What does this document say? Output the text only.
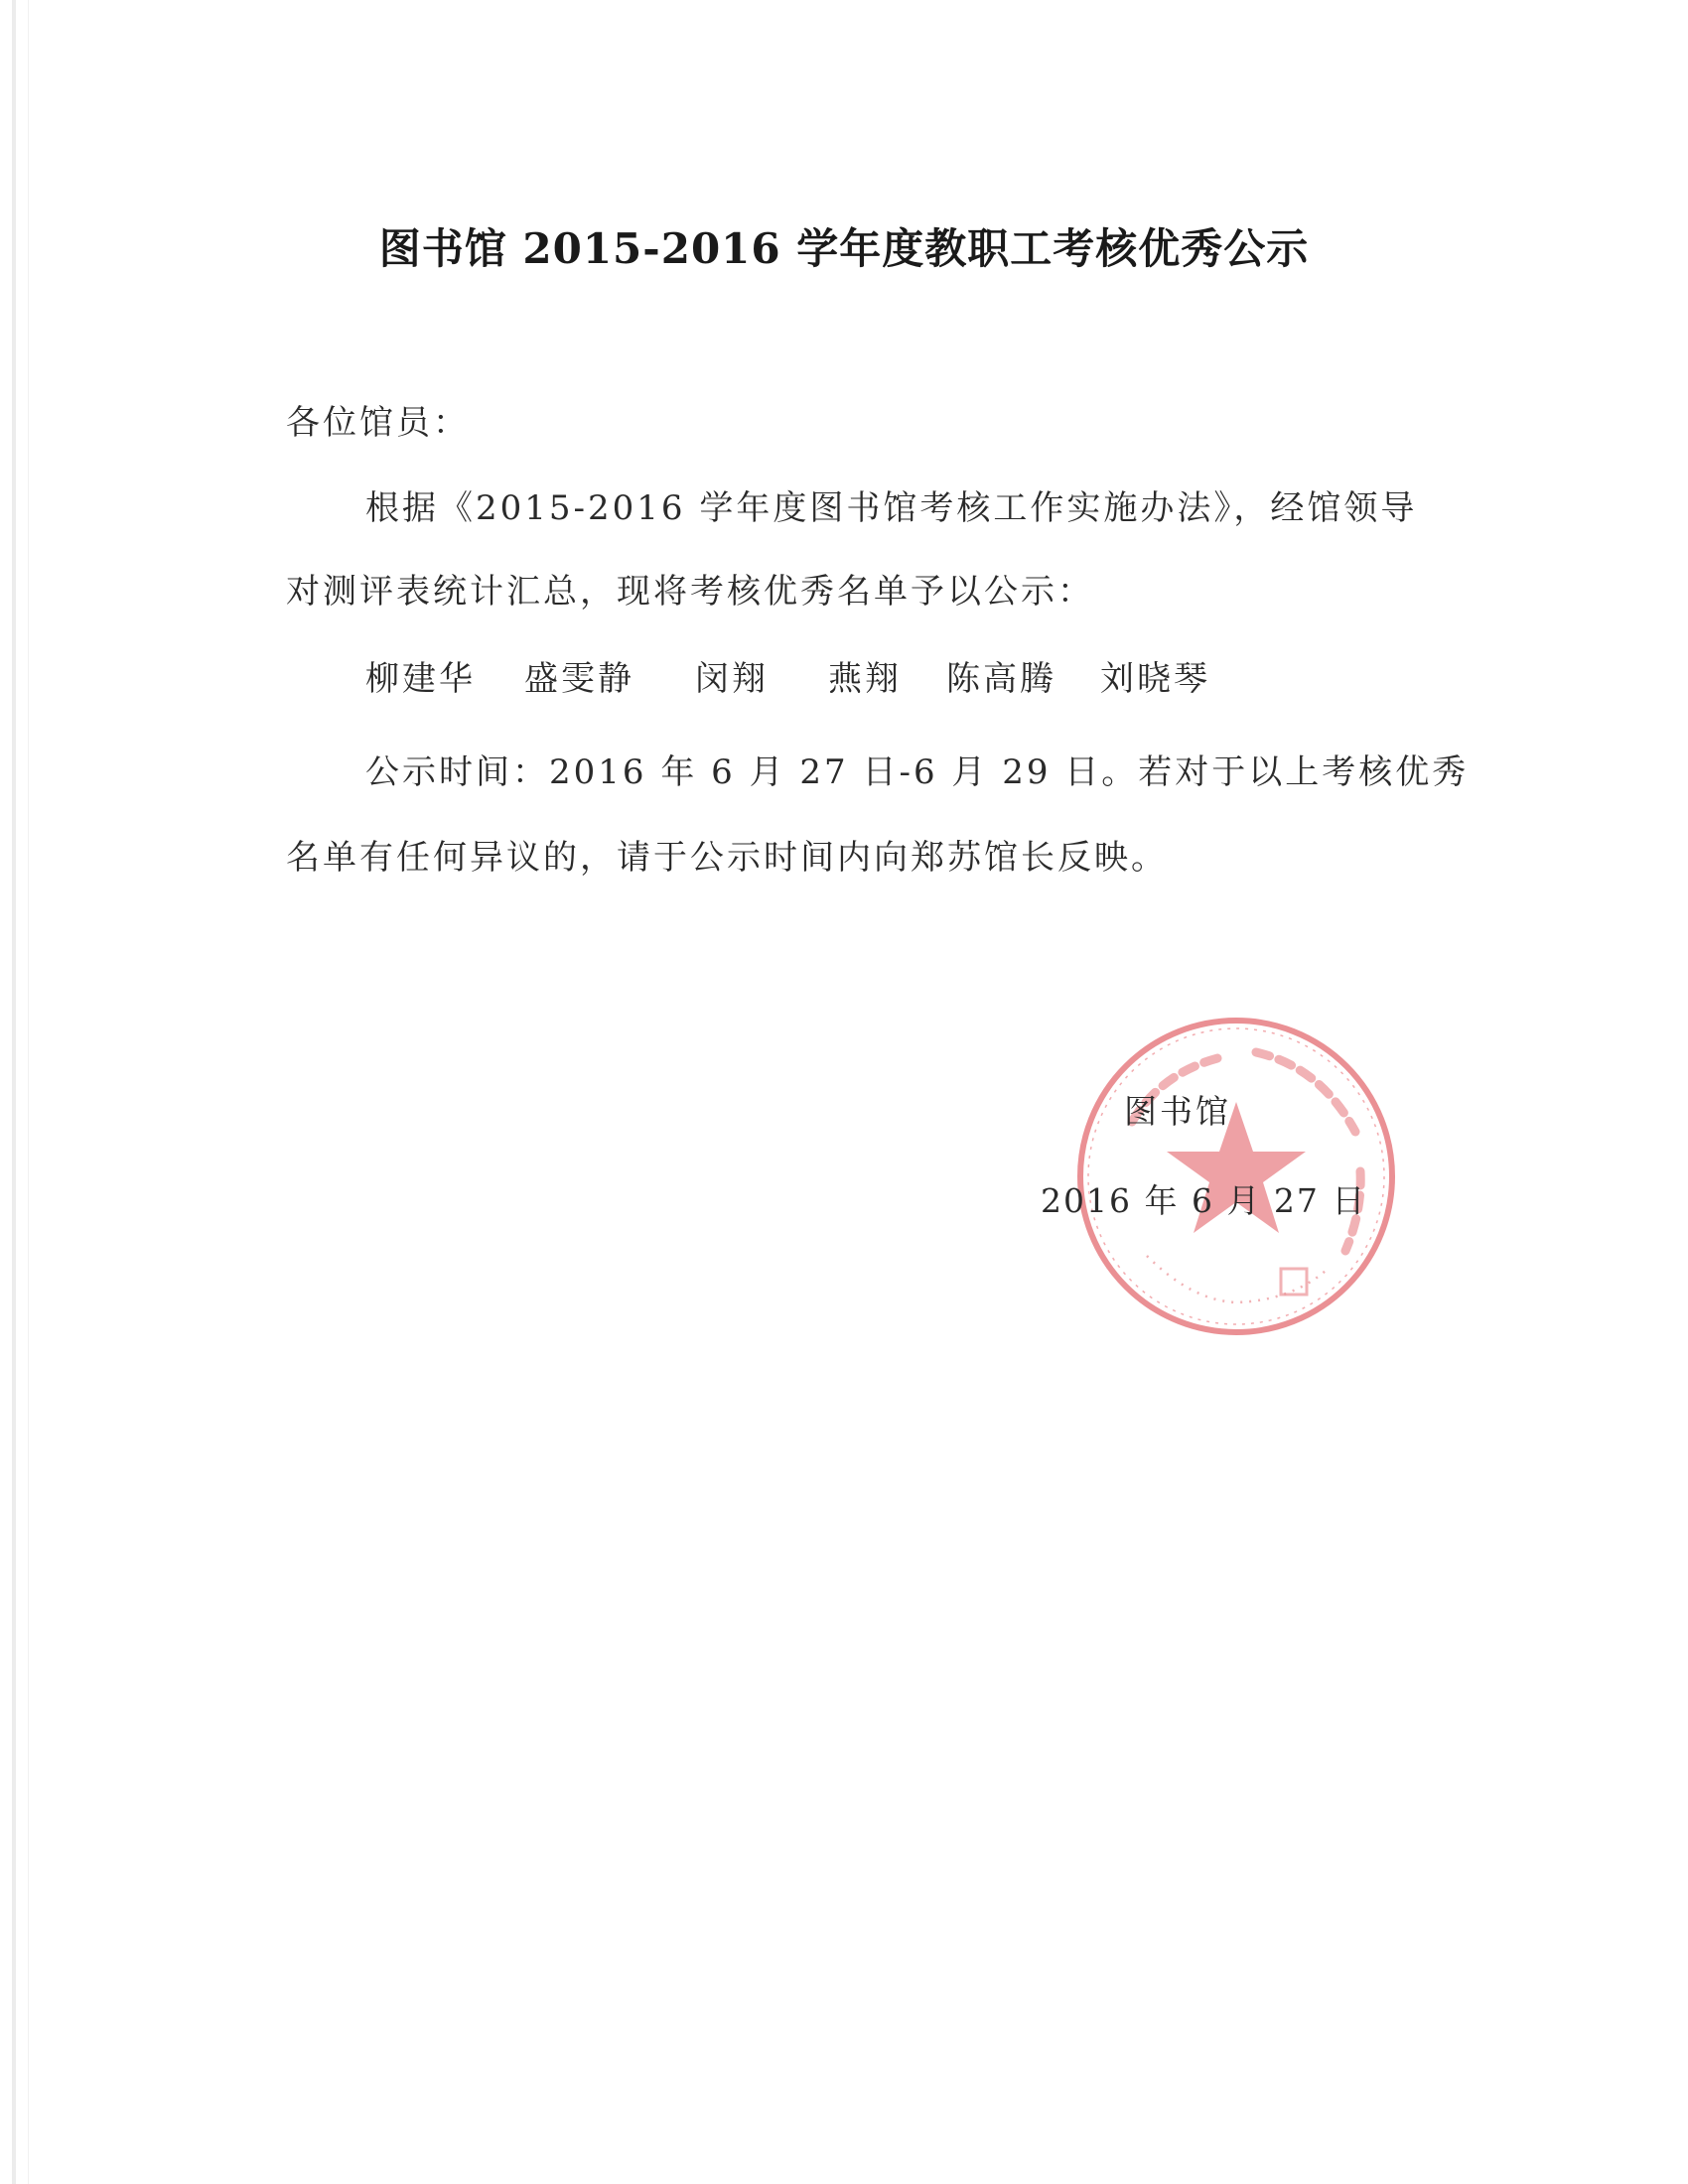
图书馆 2015-2016 学年度教职工考核优秀公示
各位馆员：
根据《2015-2016 学年度图书馆考核工作实施办法》，经馆领导
对测评表统计汇总，现将考核优秀名单予以公示：
柳建华 盛雯静 闵翔 燕翔 陈高腾 刘晓琴
公示时间：2016 年 6 月 27 日-6 月 29 日。若对于以上考核优秀
名单有任何异议的，请于公示时间内向郑苏馆长反映。
图书馆
2016 年 6 月 27 日
